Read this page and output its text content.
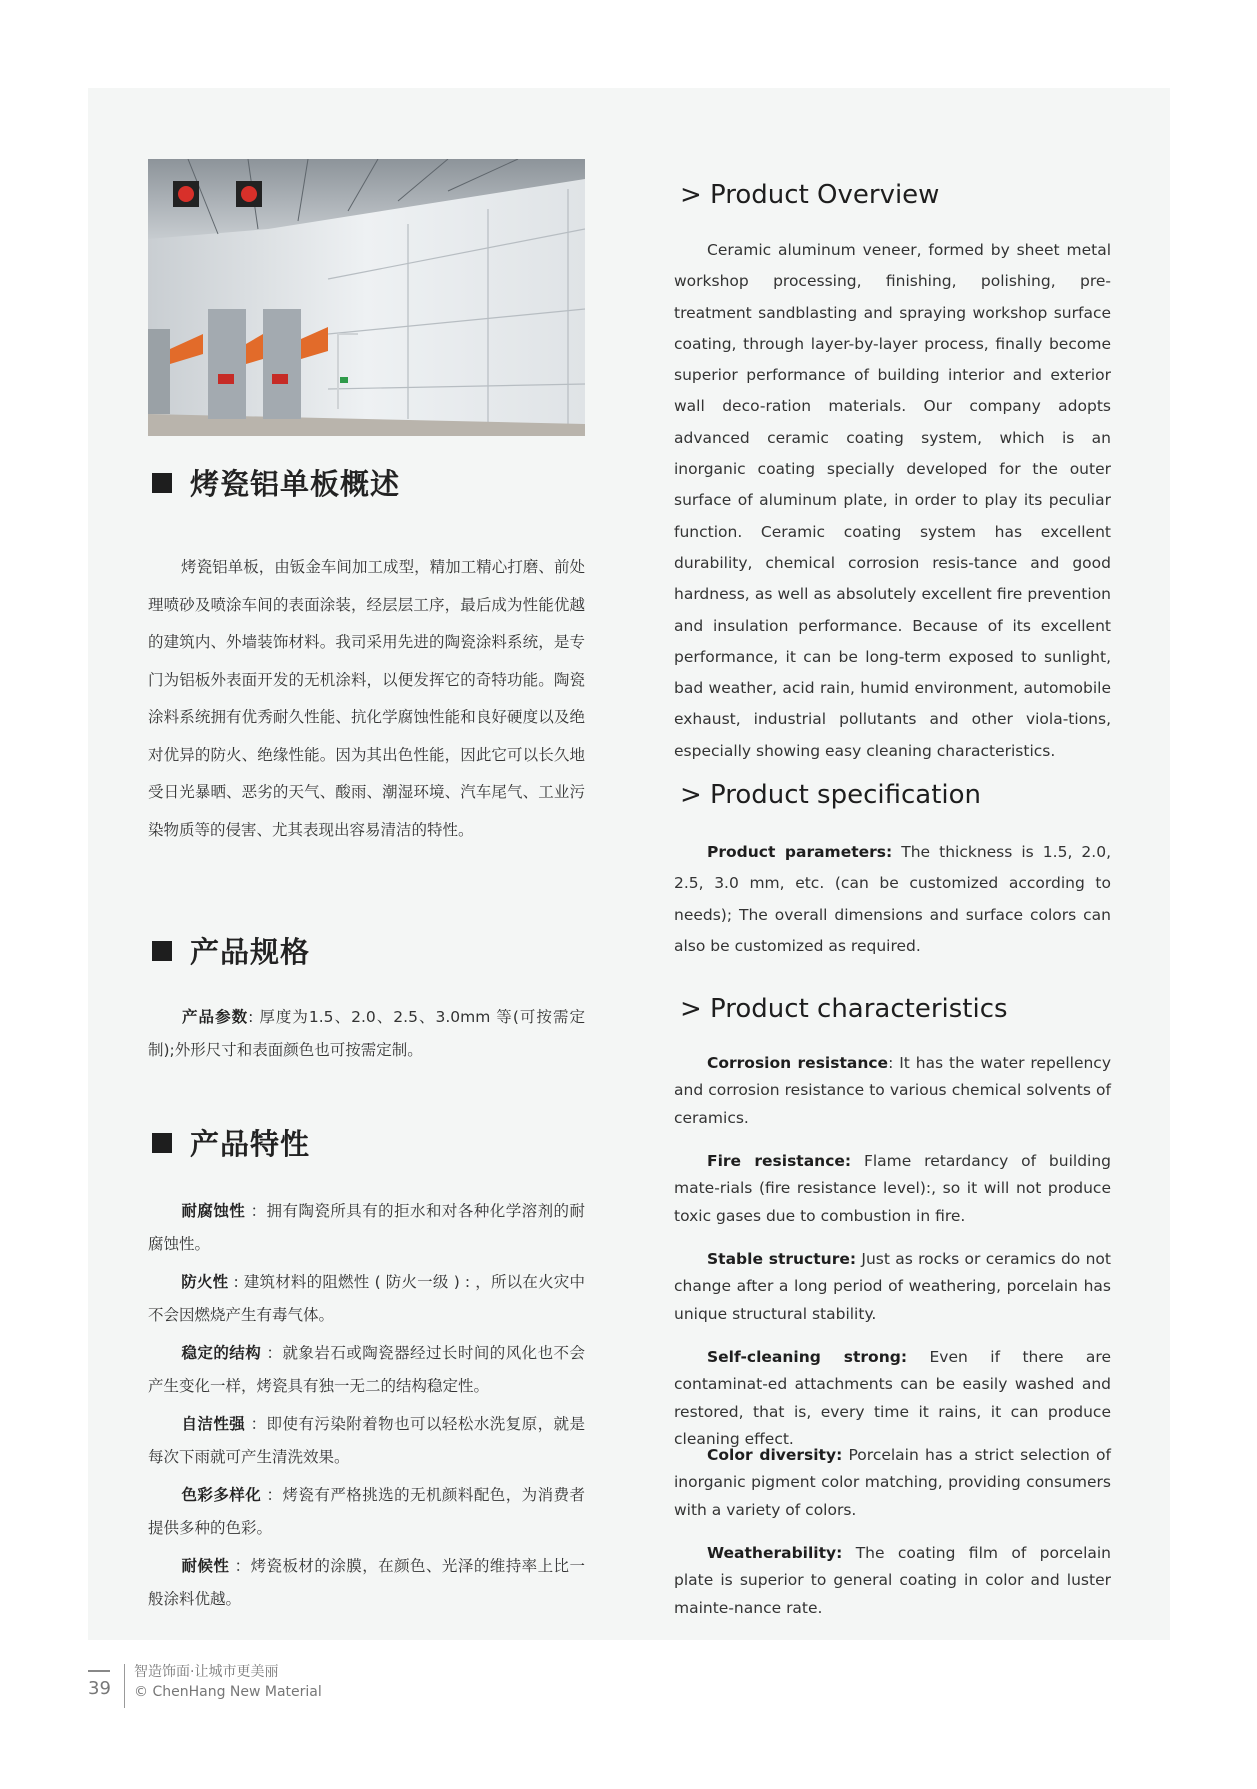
烤瓷铝单板概述

烤瓷铝单板，由钣金车间加工成型，精加工精心打磨、前处理喷砂及喷涂车间的表面涂装，经层层工序，最后成为性能优越的建筑内、外墙装饰材料。我司采用先进的陶瓷涂料系统，是专门为铝板外表面开发的无机涂料，以便发挥它的奇特功能。陶瓷涂料系统拥有优秀耐久性能、抗化学腐蚀性能和良好硬度以及绝对优异的防火、绝缘性能。因为其出色性能，因此它可以长久地受日光暴晒、恶劣的天气、酸雨、潮湿环境、汽车尾气、工业污染物质等的侵害、尤其表现出容易清洁的特性。

产品规格

产品参数: 厚度为1.5、2.0、2.5、3.0mm 等(可按需定制);外形尺寸和表面颜色也可按需定制。

产品特性

耐腐蚀性 ：拥有陶瓷所具有的拒水和对各种化学溶剂的耐腐蚀性。

防火性 : 建筑材料的阻燃性 ( 防火一级 ) : ，所以在火灾中不会因燃烧产生有毒气体。

稳定的结构 ：就象岩石或陶瓷器经过长时间的风化也不会产生变化一样，烤瓷具有独一无二的结构稳定性。

自洁性强 ：即使有污染附着物也可以轻松水洗复原，就是每次下雨就可产生清洗效果。

色彩多样化 ：烤瓷有严格挑选的无机颜料配色，为消费者提供多种的色彩。

耐候性 ：烤瓷板材的涂膜，在颜色、光泽的维持率上比一般涂料优越。

> Product Overview

Ceramic aluminum veneer, formed by sheet metal workshop processing, finishing, polishing, pre-treatment sandblasting and spraying workshop surface coating, through layer-by-layer process, finally become superior performance of building interior and exterior wall deco-ration materials. Our company adopts advanced ceramic coating system, which is an inorganic coating specially developed for the outer surface of aluminum plate, in order to play its peculiar function. Ceramic coating system has excellent durability, chemical corrosion resis-tance and good hardness, as well as absolutely excellent fire prevention and insulation performance. Because of its excellent performance, it can be long-term exposed to sunlight, bad weather, acid rain, humid environment, automobile exhaust, industrial pollutants and other viola-tions, especially showing easy cleaning characteristics.

> Product specification

Product parameters: The thickness is 1.5, 2.0, 2.5, 3.0 mm, etc. (can be customized according to needs); The overall dimensions and surface colors can also be customized as required.

> Product characteristics

Corrosion resistance: It has the water repellency and corrosion resistance to various chemical solvents of ceramics.

Fire resistance: Flame retardancy of building mate-rials (fire resistance level):, so it will not produce toxic gases due to combustion in fire.

Stable structure: Just as rocks or ceramics do not change after a long period of weathering, porcelain has unique structural stability.

Self-cleaning strong: Even if there are contaminat-ed attachments can be easily washed and restored, that is, every time it rains, it can produce cleaning effect.

Color diversity: Porcelain has a strict selection of inorganic pigment color matching, providing consumers with a variety of colors.

Weatherability: The coating film of porcelain plate is superior to general coating in color and luster mainte-nance rate.

39
智造饰面·让城市更美丽
© ChenHang New Material
